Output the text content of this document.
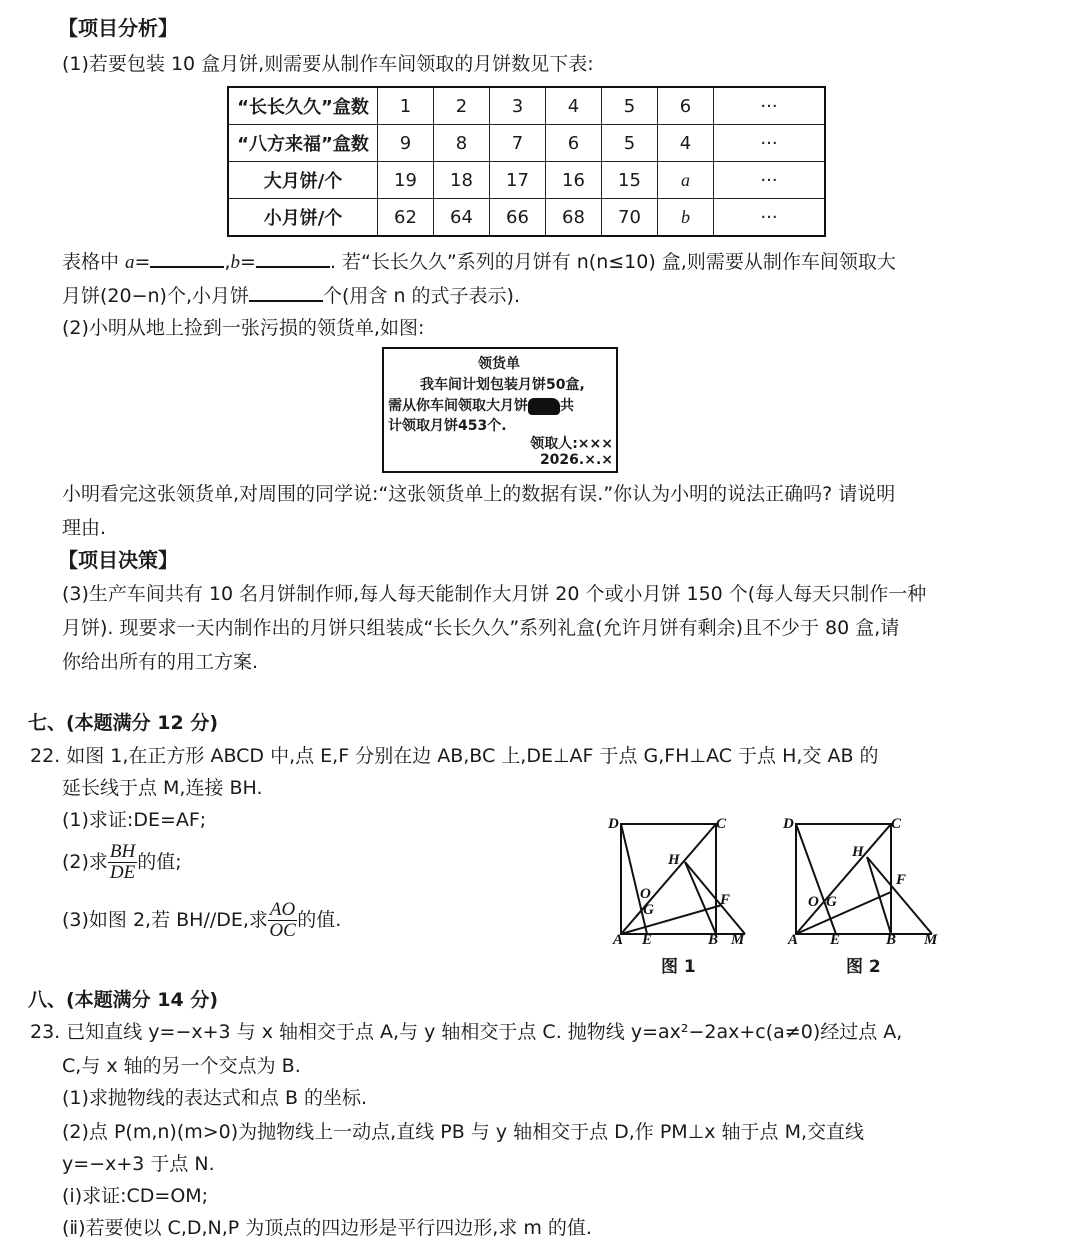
【项目分析】
(1)若要包装 10 盒月饼,则需要从制作车间领取的月饼数见下表:
“长长久久”盒数	1	2	3	4	5	6	···
“八方来福”盒数	9	8	7	6	5	4	···
大月饼/个	19	18	17	16	15	a	···
小月饼/个	62	64	66	68	70	b	···
表格中 a=	,b=	. 若“长长久久”系列的月饼有 n(n≤10) 盒,则需要从制作车间领取大
月饼(20−n)个,小月饼	个(用含 n 的式子表示).
(2)小明从地上捡到一张污损的领货单,如图:
领货单
我车间计划包装月饼50盒,
需从你车间领取大月饼 共
计领取月饼453个.
领取人:×××
2026.×.×
小明看完这张领货单,对周围的同学说:“这张领货单上的数据有误.”你认为小明的说法正确吗? 请说明
理由.
【项目决策】
(3)生产车间共有 10 名月饼制作师,每人每天能制作大月饼 20 个或小月饼 150 个(每人每天只制作一种
月饼). 现要求一天内制作出的月饼只组装成“长长久久”系列礼盒(允许月饼有剩余)且不少于 80 盒,请
你给出所有的用工方案.
七、(本题满分 12 分)
22. 如图 1,在正方形 ABCD 中,点 E,F 分别在边 AB,BC 上,DE⊥AF 于点 G,FH⊥AC 于点 H,交 AB 的
延长线于点 M,连接 BH.
(1)求证:DE=AF;
(2)求 $\frac{BH}{DE}$ 的值;
(3)如图 2,若 BH//DE,求 $\frac{AO}{OC}$ 的值.
D	C
H
O
G
F
A E	B M
图 1
D	C
H
O G
F
A E	B M
图 2
八、(本题满分 14 分)
23. 已知直线 y=−x+3 与 x 轴相交于点 A,与 y 轴相交于点 C. 抛物线 y=ax²−2ax+c(a≠0)经过点 A,
C,与 x 轴的另一个交点为 B.
(1)求抛物线的表达式和点 B 的坐标.
(2)点 P(m,n)(m>0)为抛物线上一动点,直线 PB 与 y 轴相交于点 D,作 PM⊥x 轴于点 M,交直线
y=−x+3 于点 N.
(ⅰ)求证:CD=OM;
(ⅱ)若要使以 C,D,N,P 为顶点的四边形是平行四边形,求 m 的值.
